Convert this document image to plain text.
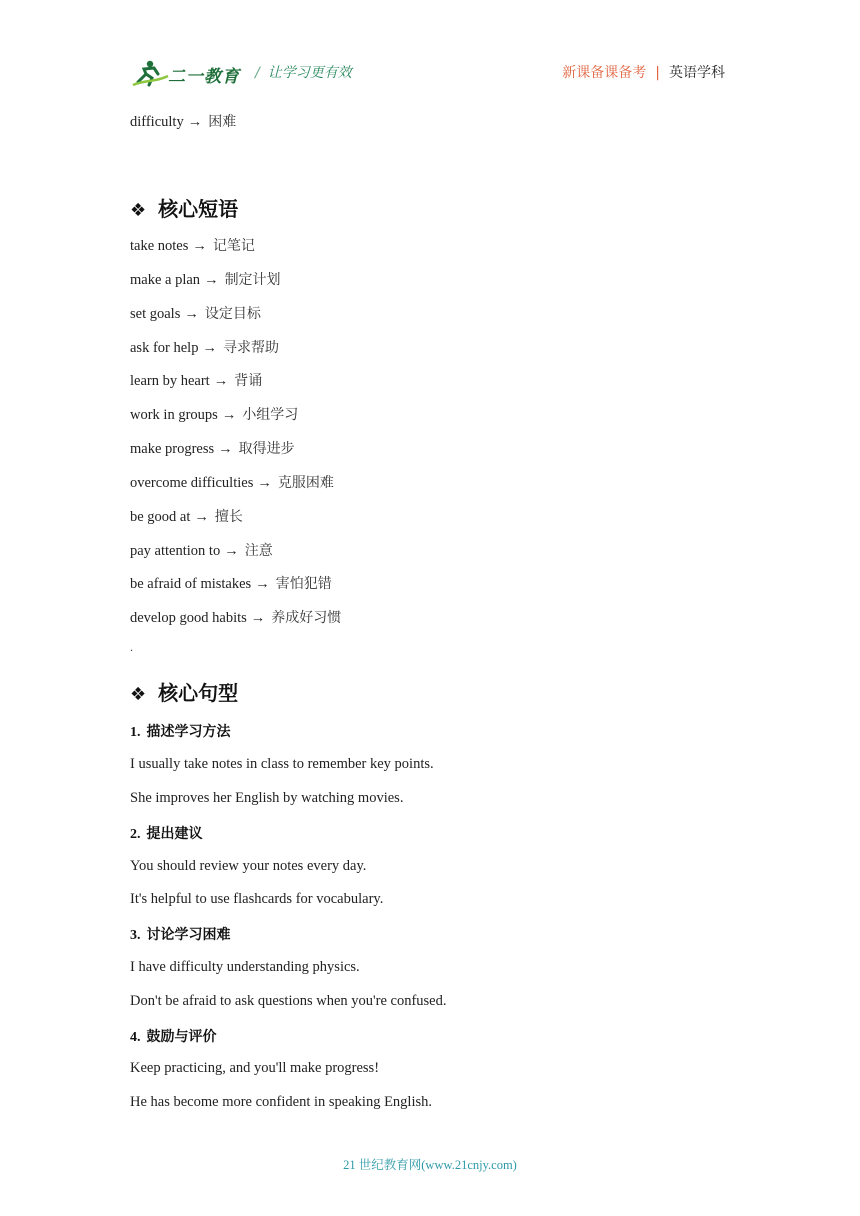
二一教育 / 让学习更有效	新课备课备考 | 英语学科
difficulty → 困难
❖ 核心短语
take notes → 记笔记
make a plan → 制定计划
set goals → 设定目标
ask for help → 寻求帮助
learn by heart → 背诵
work in groups → 小组学习
make progress → 取得进步
overcome difficulties → 克服困难
be good at → 擅长
pay attention to → 注意
be afraid of mistakes → 害怕犯错
develop good habits → 养成好习惯
.
❖ 核心句型
1. 描述学习方法
I usually take notes in class to remember key points.
She improves her English by watching movies.
2. 提出建议
You should review your notes every day.
It's helpful to use flashcards for vocabulary.
3. 讨论学习困难
I have difficulty understanding physics.
Don't be afraid to ask questions when you're confused.
4. 鼓励与评价
Keep practicing, and you'll make progress!
He has become more confident in speaking English.
21 世纪教育网(www.21cnjy.com)
